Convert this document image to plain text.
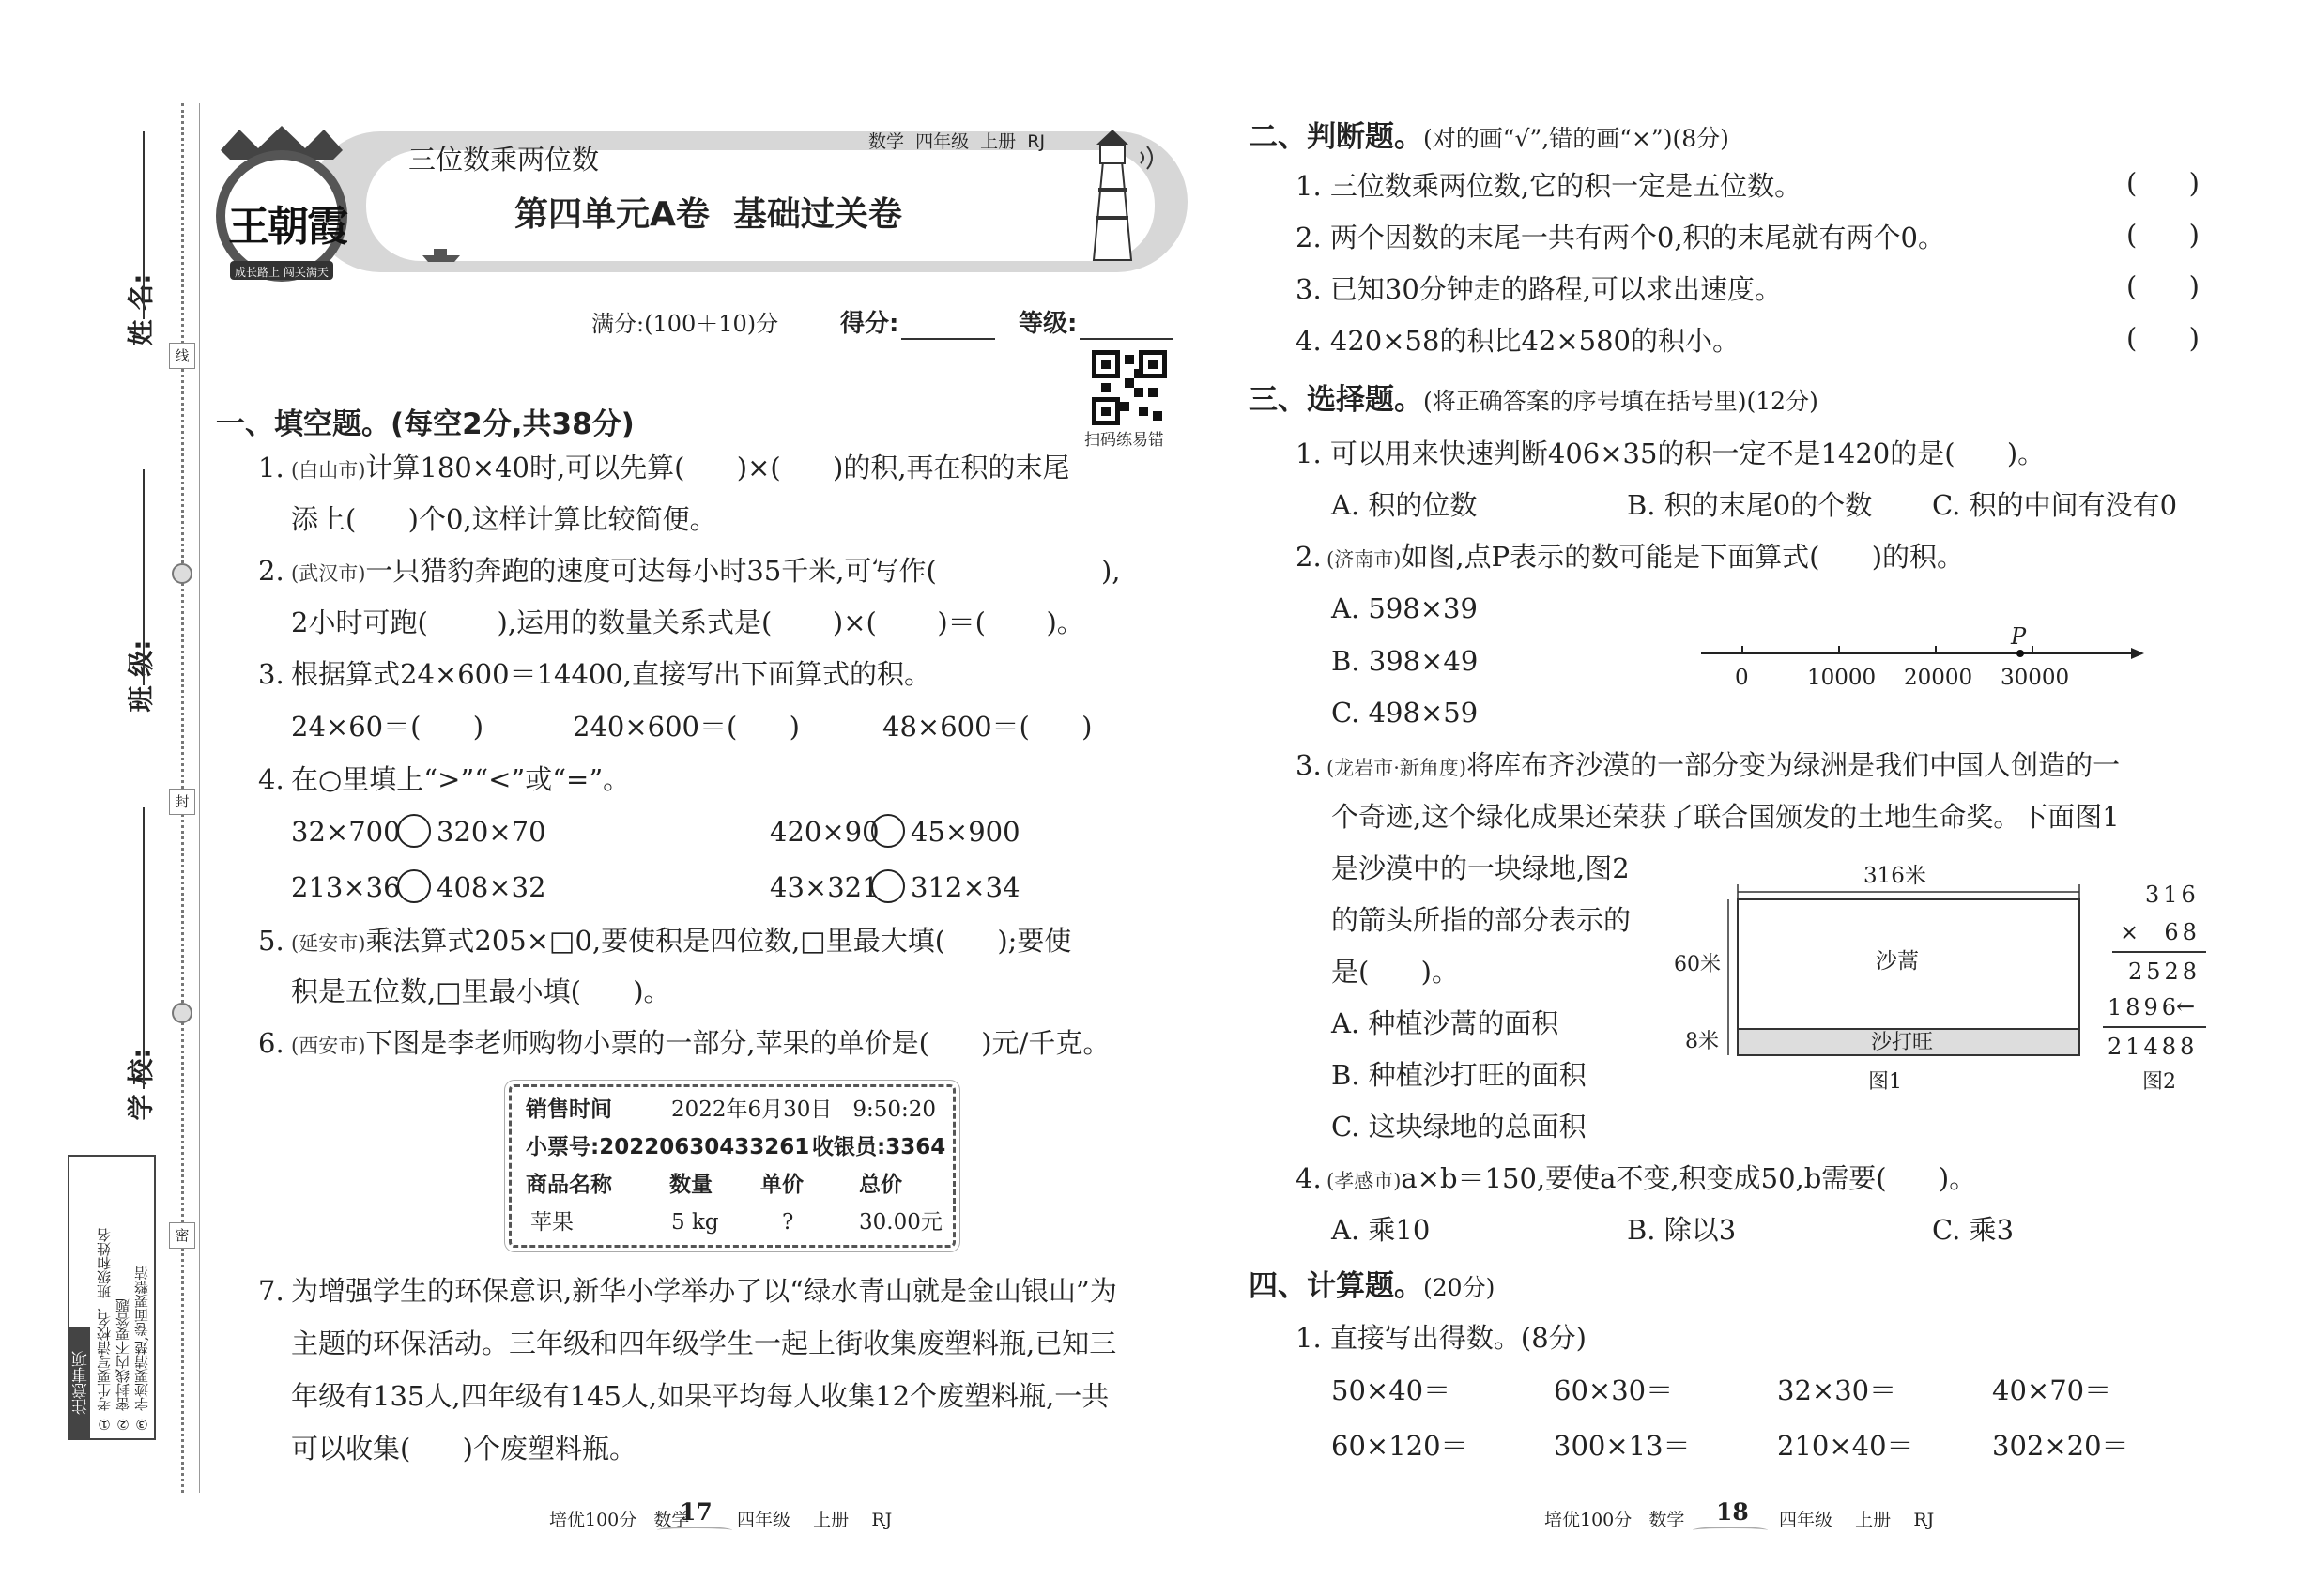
姓 名:
班 级:
学 校:
线
封
密
注意事项 ① 考生要写清校名、班级和姓名 ② 密封线内不要答题 ③ 字迹要清楚,卷面要整洁
王朝霞
成长路上 闯关满天
三位数乘两位数
数学  四年级  上册  RJ
第四单元A卷  基础过关卷
满分:(100＋10)分	得分:	等级:
扫码练易错
一、填空题。(每空2分,共38分)
1. (白山市)计算180×40时,可以先算(      )×(      )的积,再在积的末尾
添上(      )个0,这样计算比较简便。
2. (武汉市)一只猎豹奔跑的速度可达每小时35千米,可写作(                   ),
2小时可跑(        ),运用的数量关系式是(       )×(       )＝(       )。
3. 根据算式24×600＝14400,直接写出下面算式的积。
24×60＝(      )	240×600＝(      )	48×600＝(      )
4. 在○里填上“>”“<”或“=”。
32×700 320×70	420×90 45×900
213×36 408×32	43×321 312×34
5. (延安市)乘法算式205×□0,要使积是四位数,□里最大填(      );要使
积是五位数,□里最小填(      )。
6. (西安市)下图是李老师购物小票的一部分,苹果的单价是(      )元/千克。
销售时间	2022年6月30日   9:50:20
小票号:20220630433261 收银员:3364
商品名称	数量 单价	总价
苹果	5 kg	?	30.00元
7. 为增强学生的环保意识,新华小学举办了以“绿水青山就是金山银山”为
主题的环保活动。三年级和四年级学生一起上街收集废塑料瓶,已知三
年级有135人,四年级有145人,如果平均每人收集12个废塑料瓶,一共
可以收集(      )个废塑料瓶。
培优100分   数学
17 四年级    上册    RJ
二、判断题。(对的画“√”,错的画“×”)(8分)
1. 三位数乘两位数,它的积一定是五位数。	(      )
2. 两个因数的末尾一共有两个0,积的末尾就有两个0。	(      )
3. 已知30分钟走的路程,可以求出速度。	(      )
4. 420×58的积比42×580的积小。	(      )
三、选择题。(将正确答案的序号填在括号里)(12分)
1. 可以用来快速判断406×35的积一定不是1420的是(      )。
A. 积的位数	B. 积的末尾0的个数 C. 积的中间有没有0
2. (济南市)如图,点P表示的数可能是下面算式(      )的积。
A. 598×39
B. 398×49
C. 498×59
P
0	10000 20000 30000
3. (龙岩市·新角度)将库布齐沙漠的一部分变为绿洲是我们中国人创造的一
个奇迹,这个绿化成果还荣获了联合国颁发的土地生命奖。下面图1
是沙漠中的一块绿地,图2
的箭头所指的部分表示的
是(      )。
A. 种植沙蒿的面积
B. 种植沙打旺的面积
C. 这块绿地的总面积
316米
60米
8米
沙蒿
沙打旺
图1
316
×  68
2528
1896
←
21488
图2
4. (孝感市)a×b＝150,要使a不变,积变成50,b需要(      )。
A. 乘10	B. 除以3	C. 乘3
四、计算题。(20分)
1. 直接写出得数。(8分)
50×40＝	60×30＝	32×30＝	40×70＝
60×120＝	300×13＝	210×40＝	302×20＝
培优100分   数学 18 四年级    上册    RJ
